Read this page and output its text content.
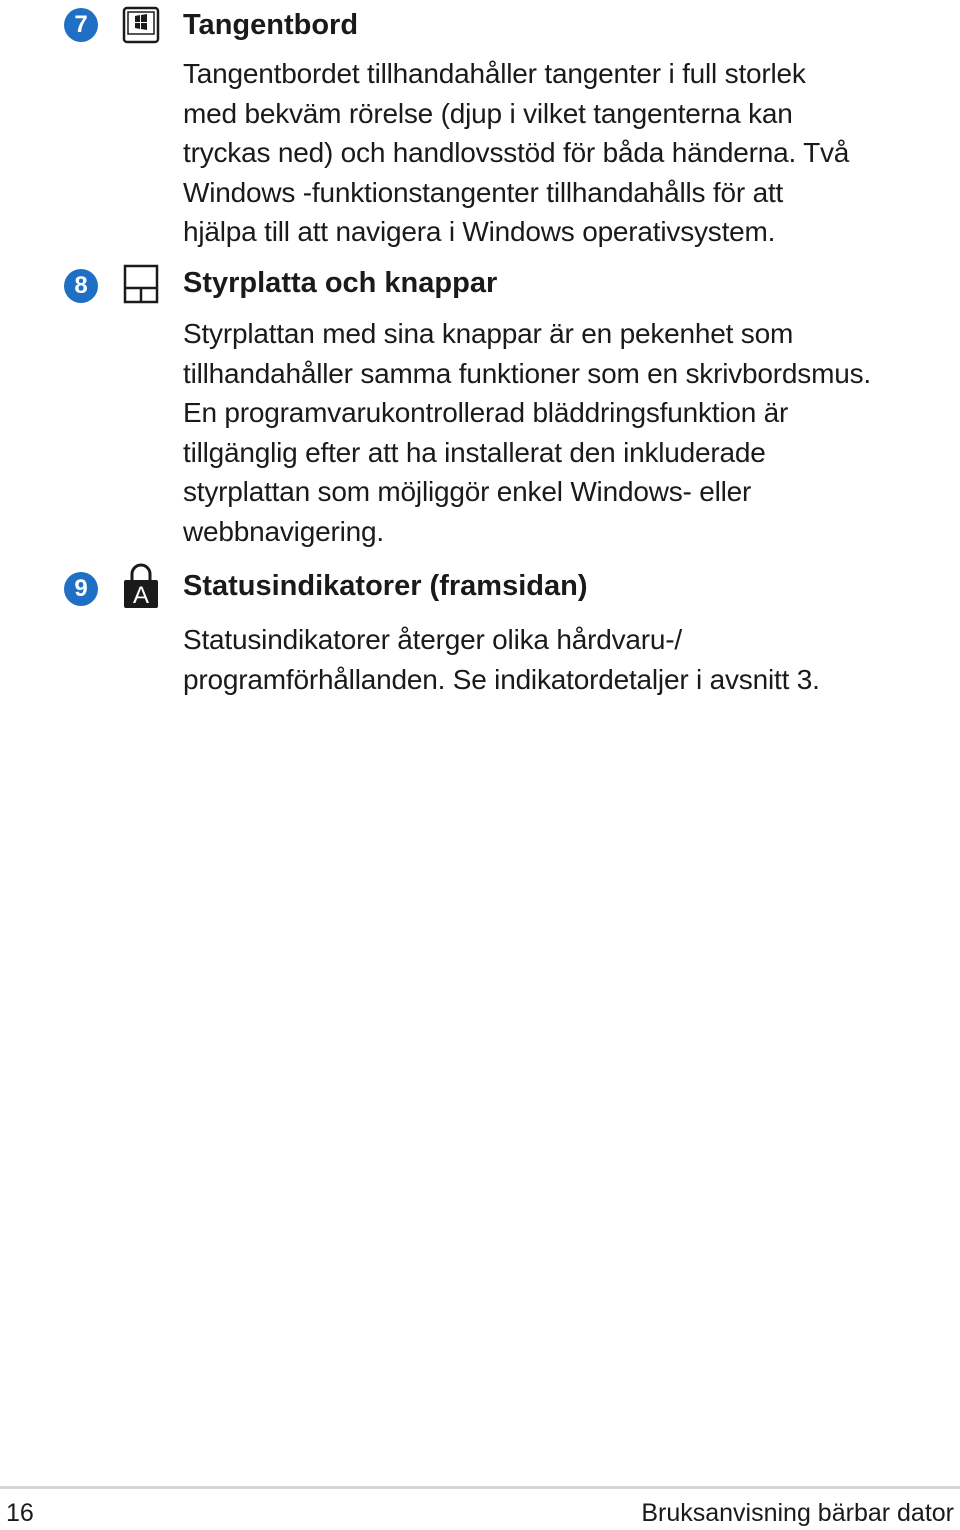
7	Tangentbord
Tangentbordet tillhandahåller tangenter i full storlek
med bekväm rörelse (djup i vilket tangenterna kan
tryckas ned) och handlovsstöd för båda händerna. Två
Windows -funktionstangenter tillhandahålls för att
hjälpa till att navigera i Windows operativsystem.
8	Styrplatta och knappar
Styrplattan med sina knappar är en pekenhet som
tillhandahåller samma funktioner som en skrivbordsmus.
En programvarukontrollerad bläddringsfunktion är
tillgänglig efter att ha installerat den inkluderade
styrplattan som möjliggör enkel Windows- eller
webbnavigering.
9	A Statusindikatorer (framsidan)
Statusindikatorer återger olika hårdvaru-/
programförhållanden. Se indikatordetaljer i avsnitt 3.
16	Bruksanvisning bärbar dator
